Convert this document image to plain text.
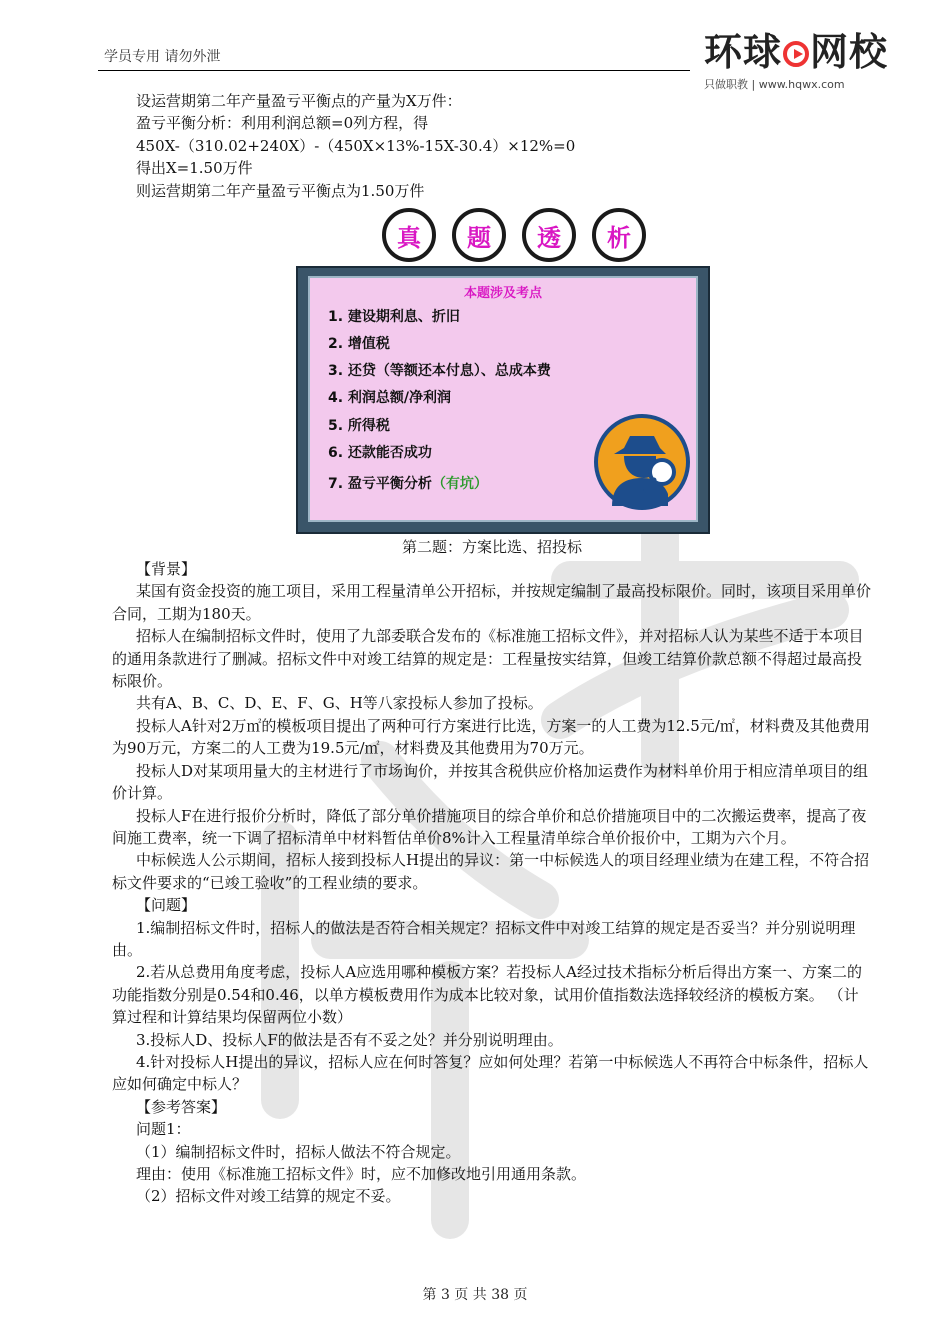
学员专用 请勿外泄	环球 网校
只做职教 | www.hqwx.com
设运营期第二年产量盈亏平衡点的产量为X万件：
盈亏平衡分析：利用利润总额=0列方程，得
450X-（310.02+240X）-（450X×13%-15X-30.4）×12%=0
得出X=1.50万件
则运营期第二年产量盈亏平衡点为1.50万件
真	题	透	析
本题涉及考点
1. 建设期利息、折旧
2. 增值税
3. 还贷（等额还本付息）、总成本费
4. 利润总额/净利润
5. 所得税
6. 还款能否成功
7. 盈亏平衡分析（有坑）
第二题：方案比选、招投标
【背景】
某国有资金投资的施工项目，采用工程量清单公开招标，并按规定编制了最高投标限价。同时，该项目采用单价合同，工期为180天。
招标人在编制招标文件时，使用了九部委联合发布的《标准施工招标文件》，并对招标人认为某些不适于本项目的通用条款进行了删减。招标文件中对竣工结算的规定是：工程量按实结算，但竣工结算价款总额不得超过最高投标限价。
共有A、B、C、D、E、F、G、H等八家投标人参加了投标。
投标人A针对2万㎡的模板项目提出了两种可行方案进行比选，方案一的人工费为12.5元/㎡，材料费及其他费用为90万元，方案二的人工费为19.5元/㎡，材料费及其他费用为70万元。
投标人D对某项用量大的主材进行了市场询价，并按其含税供应价格加运费作为材料单价用于相应清单项目的组价计算。
投标人F在进行报价分析时，降低了部分单价措施项目的综合单价和总价措施项目中的二次搬运费率，提高了夜间施工费率，统一下调了招标清单中材料暂估单价8%计入工程量清单综合单价报价中，工期为六个月。
中标候选人公示期间，招标人接到投标人H提出的异议：第一中标候选人的项目经理业绩为在建工程，不符合招标文件要求的“已竣工验收”的工程业绩的要求。
【问题】
1.编制招标文件时，招标人的做法是否符合相关规定？招标文件中对竣工结算的规定是否妥当？并分别说明理由。
2.若从总费用角度考虑，投标人A应选用哪种模板方案？若投标人A经过技术指标分析后得出方案一、方案二的功能指数分别是0.54和0.46，以单方模板费用作为成本比较对象，试用价值指数法选择较经济的模板方案。 （计算过程和计算结果均保留两位小数）
3.投标人D、投标人F的做法是否有不妥之处？并分别说明理由。
4.针对投标人H提出的异议，招标人应在何时答复？应如何处理？若第一中标候选人不再符合中标条件，招标人应如何确定中标人？
【参考答案】
问题1：
（1）编制招标文件时，招标人做法不符合规定。
理由：使用《标准施工招标文件》时，应不加修改地引用通用条款。
（2）招标文件对竣工结算的规定不妥。
第 3 页 共 38 页
